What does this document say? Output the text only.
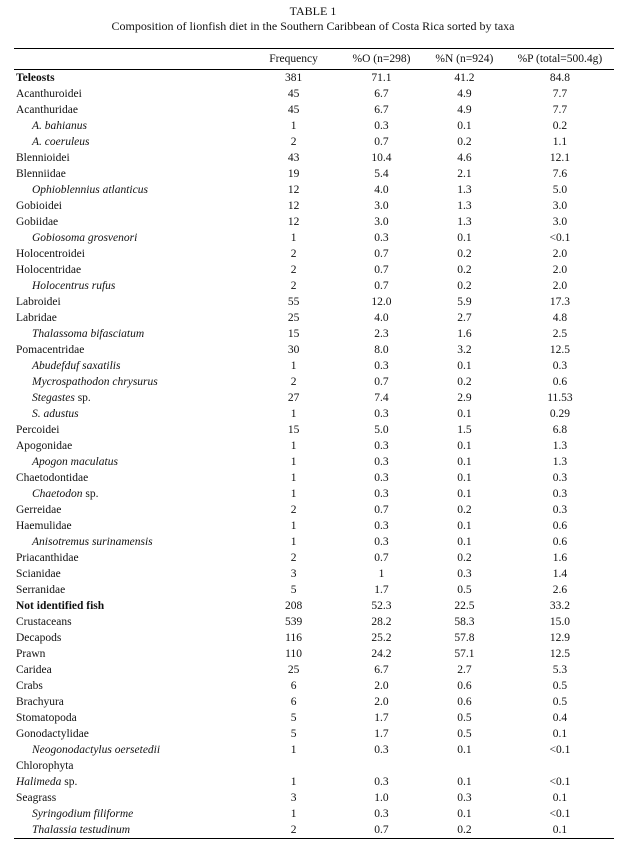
TABLE 1
Composition of lionfish diet in the Southern Caribbean of Costa Rica sorted by taxa
	Frequency	%O (n=298)	%N (n=924)	%P (total=500.4g)
Teleosts	381	71.1	41.2	84.8
Acanthuroidei	45	6.7	4.9	7.7
Acanthuridae	45	6.7	4.9	7.7
A. bahianus	1	0.3	0.1	0.2
A. coeruleus	2	0.7	0.2	1.1
Blennioidei	43	10.4	4.6	12.1
Blenniidae	19	5.4	2.1	7.6
Ophioblennius atlanticus	12	4.0	1.3	5.0
Gobioidei	12	3.0	1.3	3.0
Gobiidae	12	3.0	1.3	3.0
Gobiosoma grosvenori	1	0.3	0.1	<0.1
Holocentroidei	2	0.7	0.2	2.0
Holocentridae	2	0.7	0.2	2.0
Holocentrus rufus	2	0.7	0.2	2.0
Labroidei	55	12.0	5.9	17.3
Labridae	25	4.0	2.7	4.8
Thalassoma bifasciatum	15	2.3	1.6	2.5
Pomacentridae	30	8.0	3.2	12.5
Abudefduf saxatilis	1	0.3	0.1	0.3
Mycrospathodon chrysurus	2	0.7	0.2	0.6
Stegastes sp.	27	7.4	2.9	11.53
S. adustus	1	0.3	0.1	0.29
Percoidei	15	5.0	1.5	6.8
Apogonidae	1	0.3	0.1	1.3
Apogon maculatus	1	0.3	0.1	1.3
Chaetodontidae	1	0.3	0.1	0.3
Chaetodon sp.	1	0.3	0.1	0.3
Gerreidae	2	0.7	0.2	0.3
Haemulidae	1	0.3	0.1	0.6
Anisotremus surinamensis	1	0.3	0.1	0.6
Priacanthidae	2	0.7	0.2	1.6
Scianidae	3	1	0.3	1.4
Serranidae	5	1.7	0.5	2.6
Not identified fish	208	52.3	22.5	33.2
Crustaceans	539	28.2	58.3	15.0
Decapods	116	25.2	57.8	12.9
Prawn	110	24.2	57.1	12.5
Caridea	25	6.7	2.7	5.3
Crabs	6	2.0	0.6	0.5
Brachyura	6	2.0	0.6	0.5
Stomatopoda	5	1.7	0.5	0.4
Gonodactylidae	5	1.7	0.5	0.1
Neogonodactylus oersetedii	1	0.3	0.1	<0.1
Chlorophyta				
Halimeda sp.	1	0.3	0.1	<0.1
Seagrass	3	1.0	0.3	0.1
Syringodium filiforme	1	0.3	0.1	<0.1
Thalassia testudinum	2	0.7	0.2	0.1
